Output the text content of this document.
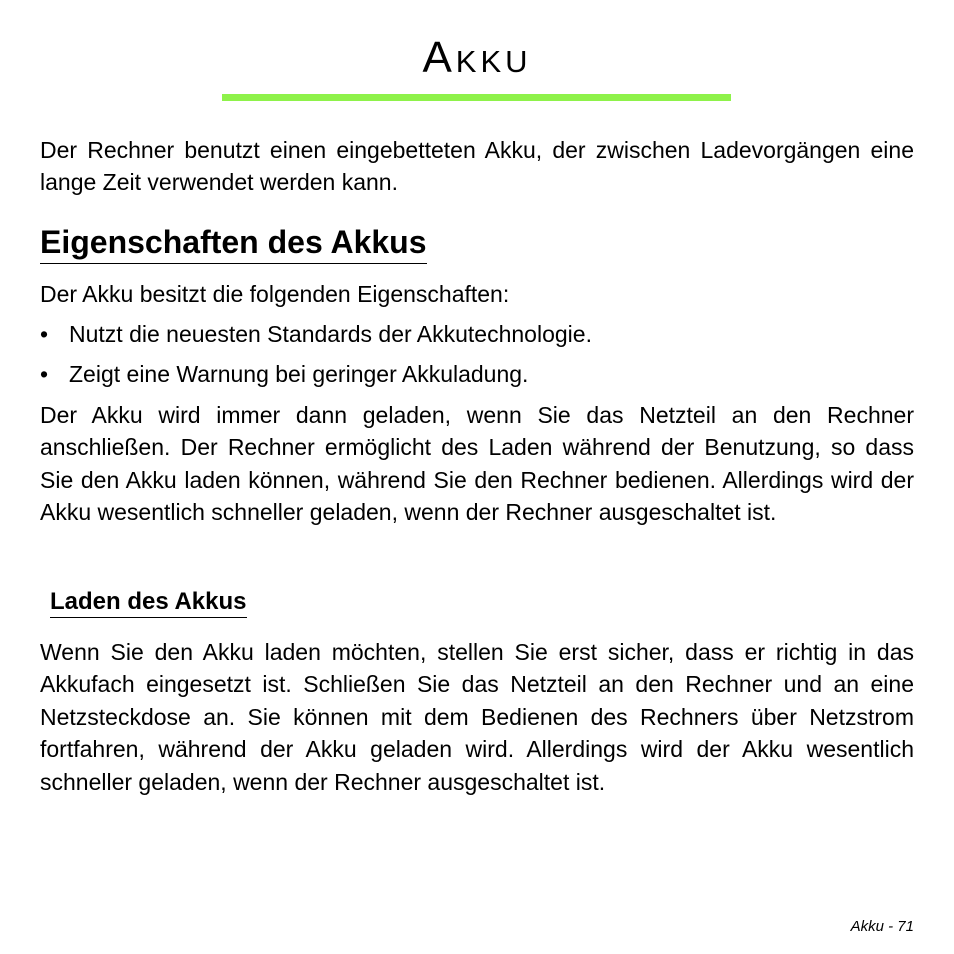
Akku

Der Rechner benutzt einen eingebetteten Akku, der zwischen Ladevorgängen eine lange Zeit verwendet werden kann.

Eigenschaften des Akkus

Der Akku besitzt die folgenden Eigenschaften:

• Nutzt die neuesten Standards der Akkutechnologie.
• Zeigt eine Warnung bei geringer Akkuladung.

Der Akku wird immer dann geladen, wenn Sie das Netzteil an den Rechner anschließen. Der Rechner ermöglicht des Laden während der Benutzung, so dass Sie den Akku laden können, während Sie den Rechner bedienen. Allerdings wird der Akku wesentlich schneller geladen, wenn der Rechner ausgeschaltet ist.

Laden des Akkus

Wenn Sie den Akku laden möchten, stellen Sie erst sicher, dass er richtig in das Akkufach eingesetzt ist. Schließen Sie das Netzteil an den Rechner und an eine Netzsteckdose an. Sie können mit dem Bedienen des Rechners über Netzstrom fortfahren, während der Akku geladen wird. Allerdings wird der Akku wesentlich schneller geladen, wenn der Rechner ausgeschaltet ist.

Akku - 71
